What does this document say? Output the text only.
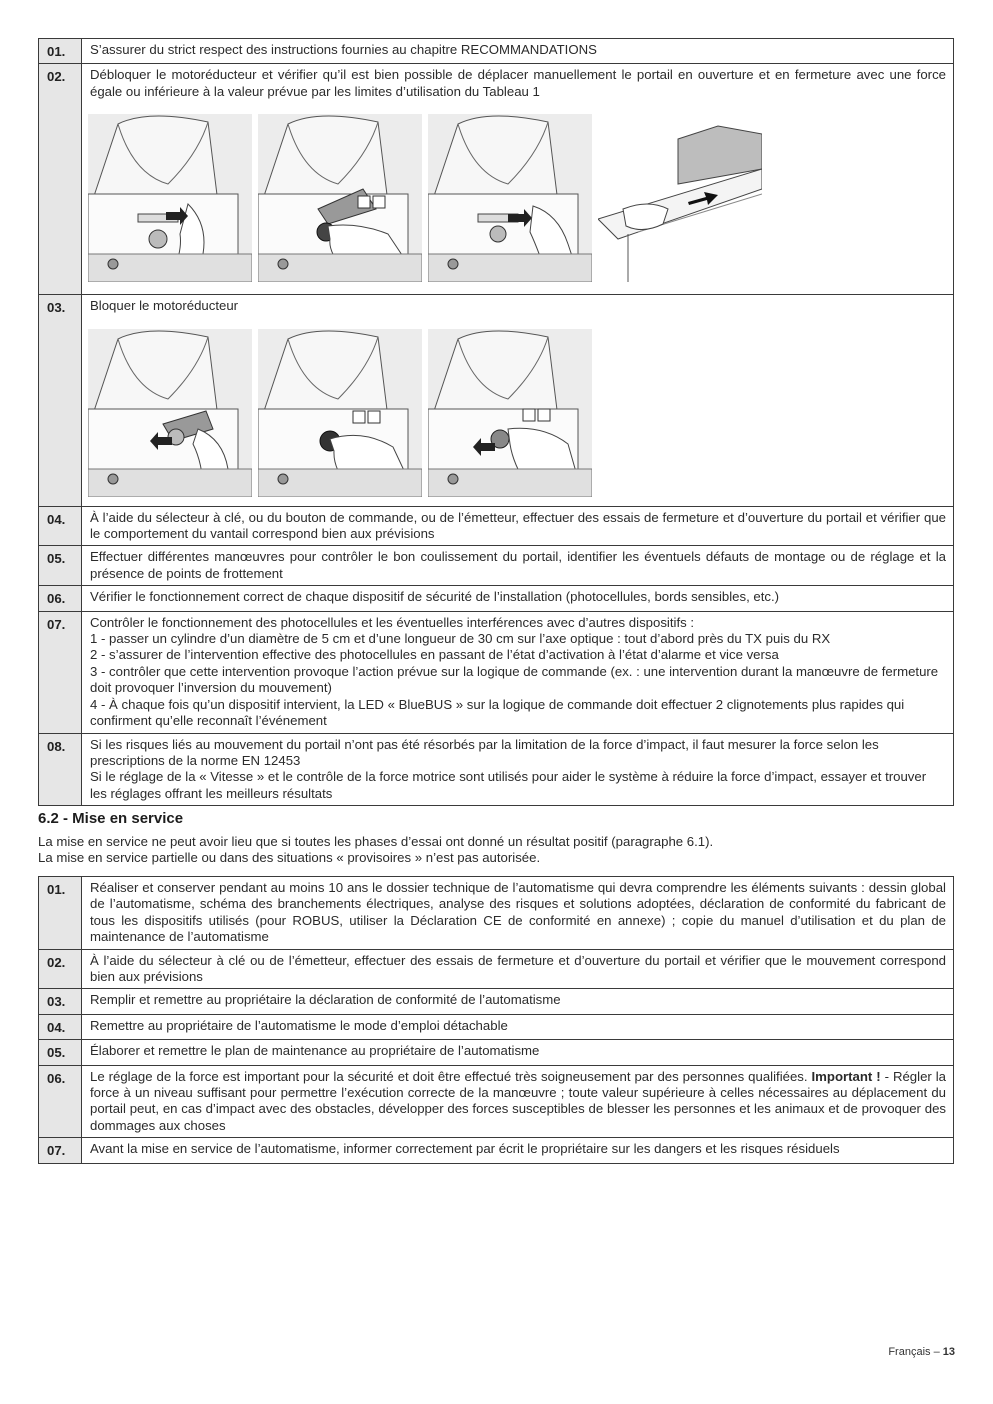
01.	S’assurer du strict respect des instructions fournies au chapitre RECOMMANDATIONS

02.	Débloquer le motoréducteur et vérifier qu’il est bien possible de déplacer manuellement le portail en ouverture et en fermeture avec une force égale ou inférieure à la valeur prévue par les limites d’utilisation du Tableau 1

03.	Bloquer le motoréducteur

04.	À l’aide du sélecteur à clé, ou du bouton de commande, ou de l’émetteur, effectuer des essais de fermeture et d’ouverture du portail et vérifier que le comportement du vantail correspond bien aux prévisions

05.	Effectuer différentes manœuvres pour contrôler le bon coulissement du portail, identifier les éventuels défauts de montage ou de réglage et la présence de points de frottement

06.	Vérifier le fonctionnement correct de chaque dispositif de sécurité de l’installation (photocellules, bords sensibles, etc.)

07.	Contrôler le fonctionnement des photocellules et les éventuelles interférences avec d’autres dispositifs :

1 - passer un cylindre d’un diamètre de 5 cm et d’une longueur de 30 cm sur l’axe optique : tout d’abord près du TX puis du RX

2 - s’assurer de l’intervention effective des photocellules en passant de l’état d’activation à l’état d’alarme et vice versa

3 - contrôler que cette intervention provoque l’action prévue sur la logique de commande (ex. : une intervention durant la manœuvre de fermeture doit provoquer l’inversion du mouvement)

4 - À chaque fois qu’un dispositif intervient, la LED « BlueBUS » sur la logique de commande doit effectuer 2 clignotements plus rapides qui confirment qu’elle reconnaît l’événement

08.	Si les risques liés au mouvement du portail n’ont pas été résorbés par la limitation de la force d’impact, il faut mesurer la force selon les prescriptions de la norme EN 12453

Si le réglage de la « Vitesse » et le contrôle de la force motrice sont utilisés pour aider le système à réduire la force d’impact, essayer et trouver les réglages offrant les meilleurs résultats

6.2 - Mise en service

La mise en service ne peut avoir lieu que si toutes les phases d’essai ont donné un résultat positif (paragraphe 6.1).

La mise en service partielle ou dans des situations « provisoires » n’est pas autorisée.

01.	Réaliser et conserver pendant au moins 10 ans le dossier technique de l’automatisme qui devra comprendre les éléments suivants : dessin global de l’automatisme, schéma des branchements électriques, analyse des risques et solutions adoptées, déclaration de conformité du fabricant de tous les dispositifs utilisés (pour ROBUS, utiliser la Déclaration CE de conformité en annexe) ; copie du manuel d’utilisation et du plan de maintenance de l’automatisme
02.	À l’aide du sélecteur à clé ou de l’émetteur, effectuer des essais de fermeture et d’ouverture du portail et vérifier que le mouvement correspond bien aux prévisions
03.	Remplir et remettre au propriétaire la déclaration de conformité de l’automatisme
04.	Remettre au propriétaire de l’automatisme le mode d’emploi détachable
05.	Élaborer et remettre le plan de maintenance au propriétaire de l’automatisme
06.	Le réglage de la force est important pour la sécurité et doit être effectué très soigneusement par des personnes qualifiées. Important ! - Régler la force à un niveau suffisant pour permettre l’exécution correcte de la manœuvre ; toute valeur supérieure à celles nécessaires au déplacement du portail peut, en cas d’impact avec des obstacles, développer des forces susceptibles de blesser les personnes et les animaux et de provoquer des dommages aux choses
07.	Avant la mise en service de l’automatisme, informer correctement par écrit le propriétaire sur les dangers et les risques résiduels
Français – 13
